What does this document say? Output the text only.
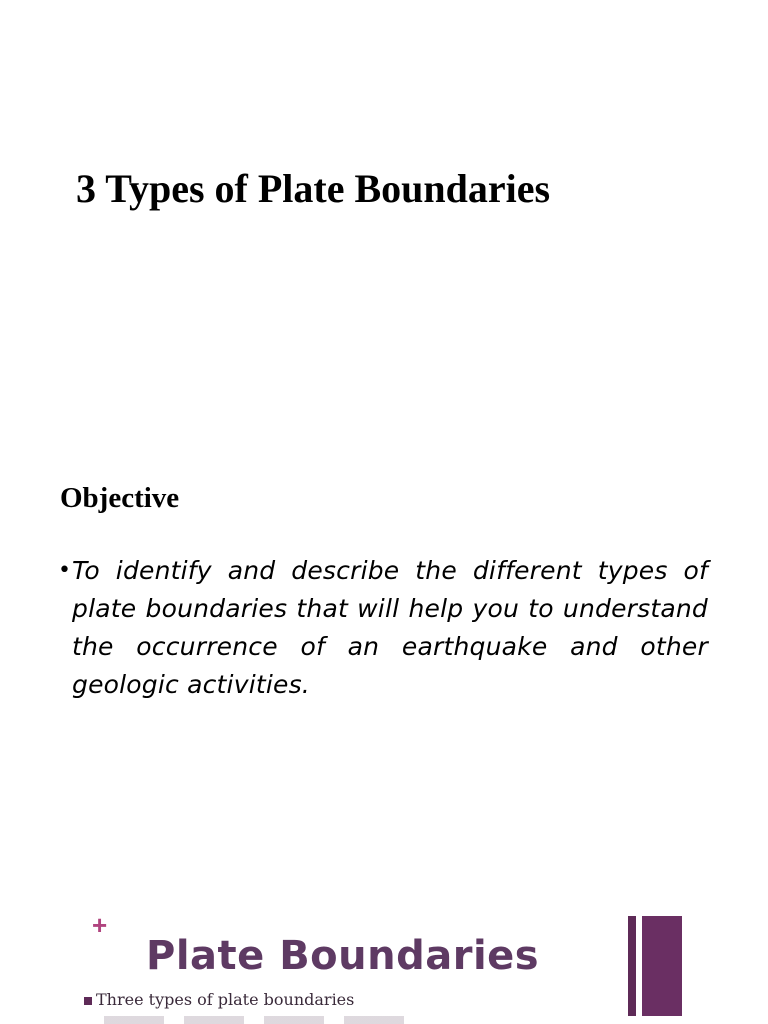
3 Types of Plate Boundaries
Objective
• To identify and describe the different types of plate boundaries that will help you to understand the occurrence of an earthquake and other geologic activities.
+
Plate Boundaries
Three types of plate boundaries
